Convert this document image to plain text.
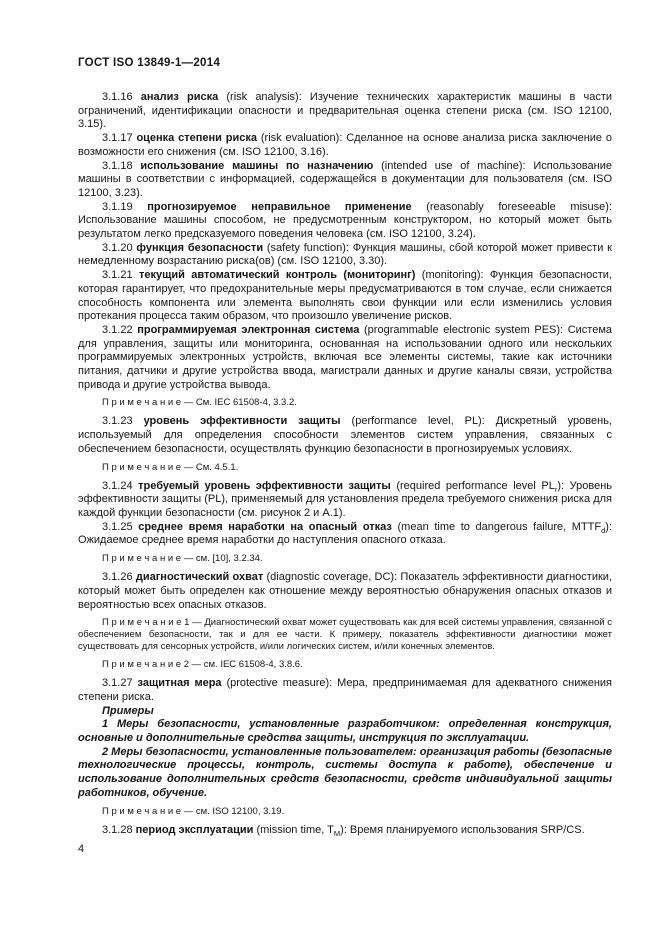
ГОСТ ISO 13849-1—2014

3.1.16 анализ риска (risk analysis): Изучение технических характеристик машины в части ограничений, идентификации опасности и предварительная оценка степени риска (см. ISO 12100, 3.15).

3.1.17 оценка степени риска (risk evaluation): Сделанное на основе анализа риска заключение о возможности его снижения (см. ISO 12100, 3.16).

3.1.18 использование машины по назначению (intended use of machine): Использование машины в соответствии с информацией, содержащейся в документации для пользователя (см. ISO 12100, 3.23).

3.1.19 прогнозируемое неправильное применение (reasonably foreseeable misuse): Использование машины способом, не предусмотренным конструктором, но который может быть результатом легко предсказуемого поведения человека (см. ISO 12100, 3.24).

3.1.20 функция безопасности (safety function): Функция машины, сбой которой может привести к немедленному возрастанию риска(ов) (см. ISO 12100, 3.30).

3.1.21 текущий автоматический контроль (мониторинг) (monitoring): Функция безопасности, которая гарантирует, что предохранительные меры предусматриваются в том случае, если снижается способность компонента или элемента выполнять свои функции или если изменились условия протекания процесса таким образом, что произошло увеличение рисков.

3.1.22 программируемая электронная система (programmable electronic system PES): Система для управления, защиты или мониторинга, основанная на использовании одного или нескольких программируемых электронных устройств, включая все элементы системы, такие как источники питания, датчики и другие устройства ввода, магистрали данных и другие каналы связи, устройства привода и другие устройства вывода.

П р и м е ч а н и е — См. IEC 61508-4, 3.3.2.

3.1.23 уровень эффективности защиты (performance level, PL): Дискретный уровень, используемый для определения способности элементов систем управления, связанных с обеспечением безопасности, осуществлять функцию безопасности в прогнозируемых условиях.

П р и м е ч а н и е — См. 4.5.1.

3.1.24 требуемый уровень эффективности защиты (required performance level $PL_r$): Уровень эффективности защиты (PL), применяемый для установления предела требуемого снижения риска для каждой функции безопасности (см. рисунок 2 и А.1).

3.1.25 среднее время наработки на опасный отказ (mean time to dangerous failure, $MTTF_d$): Ожидаемое среднее время наработки до наступления опасного отказа.

П р и м е ч а н и е — см. [10], 3.2.34.

3.1.26 диагностический охват (diagnostic coverage, DC): Показатель эффективности диагностики, который может быть определен как отношение между вероятностью обнаружения опасных отказов и вероятностью всех опасных отказов.

П р и м е ч а н и е 1 — Диагностический охват может существовать как для всей системы управления, связанной с обеспечением безопасности, так и для ее части. К примеру, показатель эффективности диагностики может существовать для сенсорных устройств, и/или логических систем, и/или конечных элементов.

П р и м е ч а н и е 2 — см. IEC 61508-4, 3.8.6.

3.1.27 защитная мера (protective measure): Мера, предпринимаемая для адекватного снижения степени риска.

Примеры

1 Меры безопасности, установленные разработчиком: определенная конструкция, основные и дополнительные средства защиты, инструкция по эксплуатации.

2 Меры безопасности, установленные пользователем: организация работы (безопасные технологические процессы, контроль, системы доступа к работе), обеспечение и использование дополнительных средств безопасности, средств индивидуальной защиты работников, обучение.

П р и м е ч а н и е — см. ISO 12100, 3.19.

3.1.28 период эксплуатации (mission time, $T_M$): Время планируемого использования SRP/CS.

4
